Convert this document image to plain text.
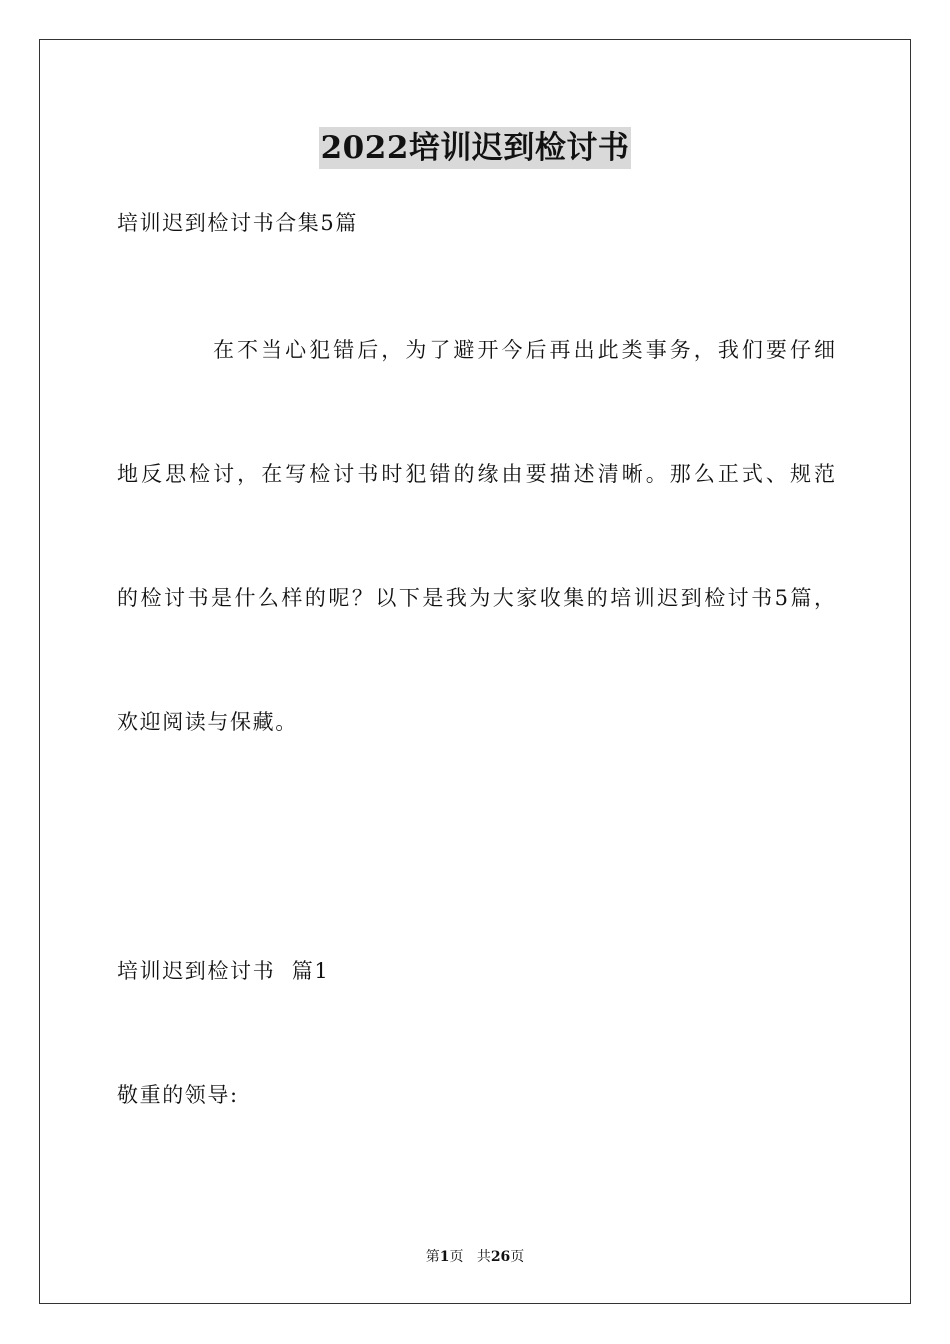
2022培训迟到检讨书
培训迟到检讨书合集5篇
在不当心犯错后，为了避开今后再出此类事务，我们要仔细
地反思检讨，在写检讨书时犯错的缘由要描述清晰。那么正式、规范
的检讨书是什么样的呢？以下是我为大家收集的培训迟到检讨书5篇，
欢迎阅读与保藏。
培训迟到检讨书  篇1
敬重的领导:
第1页 共26页
